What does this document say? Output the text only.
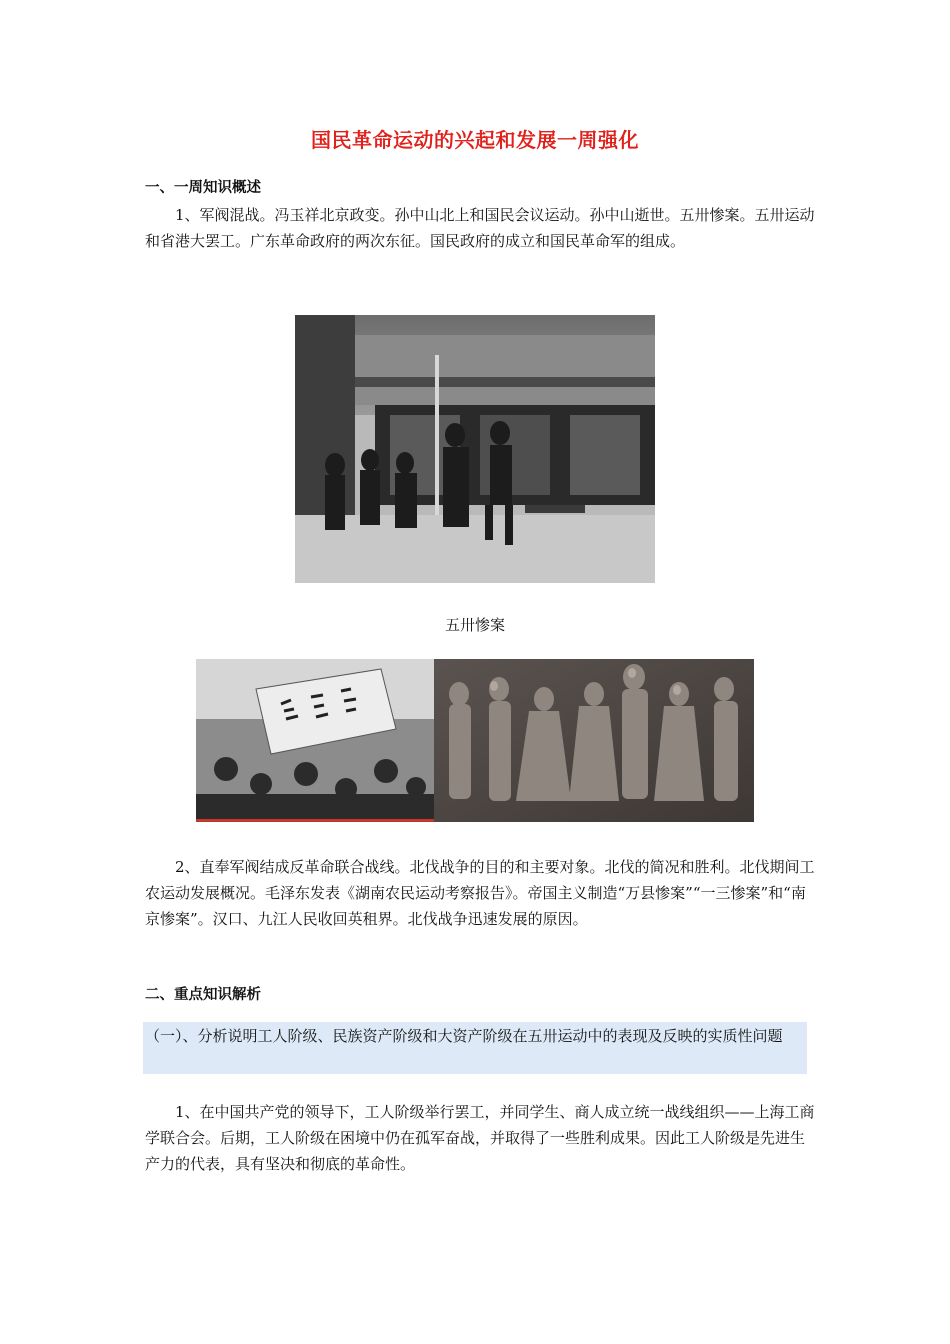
国民革命运动的兴起和发展一周强化
一、一周知识概述
1、军阀混战。冯玉祥北京政变。孙中山北上和国民会议运动。孙中山逝世。五卅惨案。五卅运动和省港大罢工。广东革命政府的两次东征。国民政府的成立和国民革命军的组成。
五卅惨案
2、直奉军阀结成反革命联合战线。北伐战争的目的和主要对象。北伐的简况和胜利。北伐期间工农运动发展概况。毛泽东发表《湖南农民运动考察报告》。帝国主义制造“万县惨案”“一三惨案”和“南京惨案”。汉口、九江人民收回英租界。北伐战争迅速发展的原因。
二、重点知识解析
（一）、分析说明工人阶级、民族资产阶级和大资产阶级在五卅运动中的表现及反映的实质性问题
1、在中国共产党的领导下，工人阶级举行罢工，并同学生、商人成立统一战线组织——上海工商学联合会。后期，工人阶级在困境中仍在孤军奋战，并取得了一些胜利成果。因此工人阶级是先进生产力的代表，具有坚决和彻底的革命性。
